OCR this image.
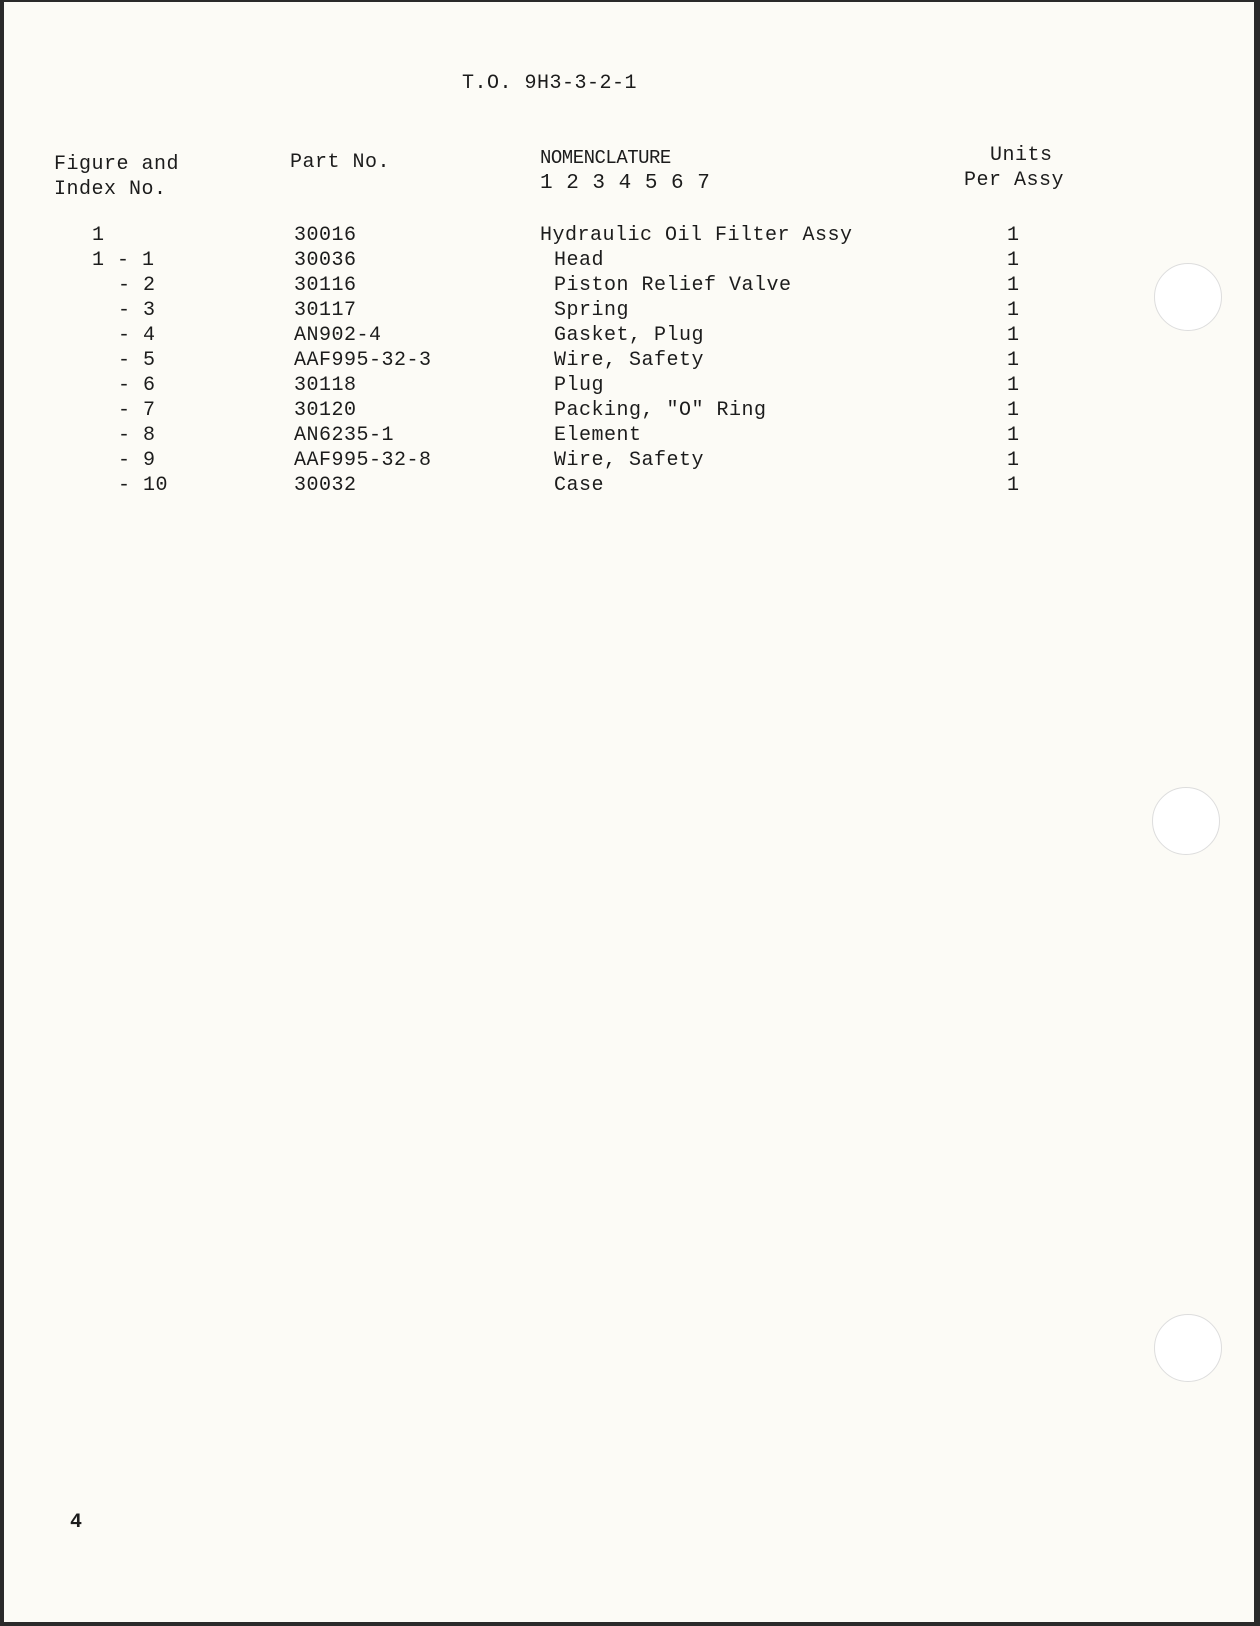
T.O. 9H3-3-2-1
Figure and
Index No.
Part No.	NOMENCLATURE
1 2 3 4 5 6 7
Units
Per Assy
1	30016	Hydraulic Oil Filter Assy	1
1 - 1	30036	Head	1
- 2	30116	Piston Relief Valve	1
- 3	30117	Spring	1
- 4	AN902-4	Gasket, Plug	1
- 5	AAF995-32-3	Wire, Safety	1
- 6	30118	Plug	1
- 7	30120	Packing, "O" Ring	1
- 8	AN6235-1	Element	1
- 9	AAF995-32-8	Wire, Safety	1
- 10	30032	Case	1
4
